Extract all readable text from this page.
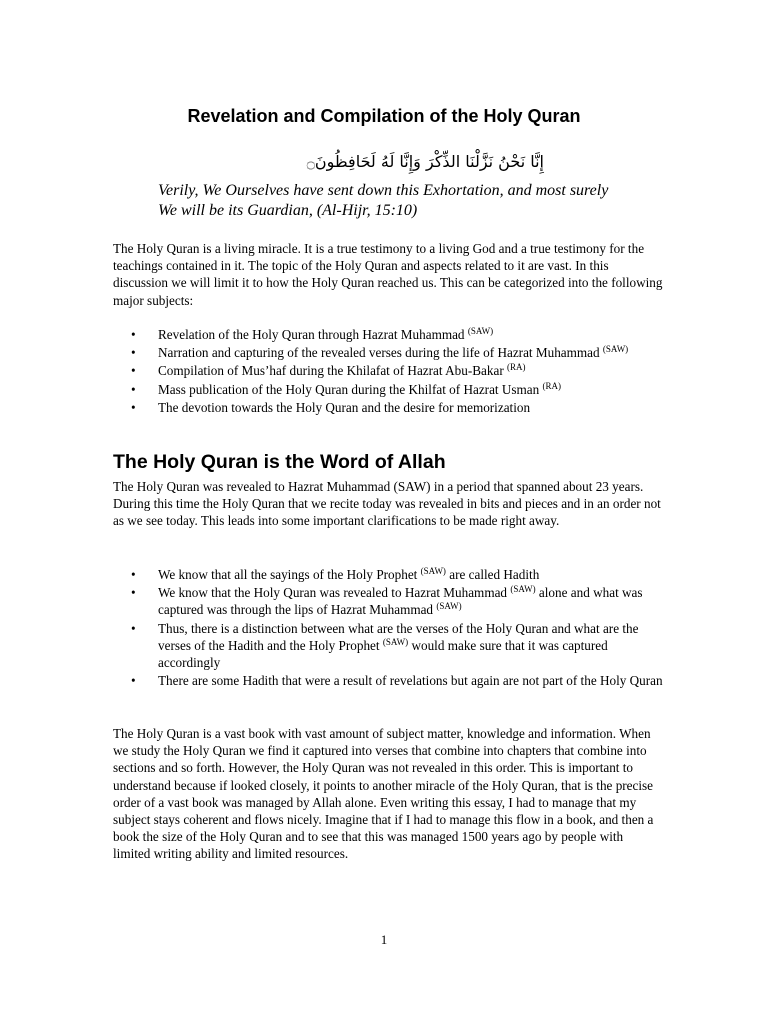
Revelation and Compilation of the Holy Quran
إِنَّا نَحْنُ نَزَّلْنَا الذِّكْرَ وَإِنَّا لَهُ لَحَافِظُونَ۝
Verily, We Ourselves have sent down this Exhortation, and most surely We will be its Guardian, (Al-Hijr, 15:10)
The Holy Quran is a living miracle. It is a true testimony to a living God and a true testimony for the teachings contained in it. The topic of the Holy Quran and aspects related to it are vast. In this discussion we will limit it to how the Holy Quran reached us. This can be categorized into the following major subjects:
• Revelation of the Holy Quran through Hazrat Muhammad $^{(SAW)}$
• Narration and capturing of the revealed verses during the life of Hazrat Muhammad $^{(SAW)}$
• Compilation of Mus’haf during the Khilafat of Hazrat Abu-Bakar $^{(RA)}$
• Mass publication of the Holy Quran during the Khilfat of Hazrat Usman $^{(RA)}$
• The devotion towards the Holy Quran and the desire for memorization
The Holy Quran is the Word of Allah
The Holy Quran was revealed to Hazrat Muhammad (SAW) in a period that spanned about 23 years. During this time the Holy Quran that we recite today was revealed in bits and pieces and in an order not as we see today. This leads into some important clarifications to be made right away.
• We know that all the sayings of the Holy Prophet $^{(SAW)}$ are called Hadith
• We know that the Holy Quran was revealed to Hazrat Muhammad $^{(SAW)}$ alone and what was captured was through the lips of Hazrat Muhammad $^{(SAW)}$
• Thus, there is a distinction between what are the verses of the Holy Quran and what are the verses of the Hadith and the Holy Prophet $^{(SAW)}$ would make sure that it was captured accordingly
• There are some Hadith that were a result of revelations but again are not part of the Holy Quran
The Holy Quran is a vast book with vast amount of subject matter, knowledge and information. When we study the Holy Quran we find it captured into verses that combine into chapters that combine into sections and so forth. However, the Holy Quran was not revealed in this order. This is important to understand because if looked closely, it points to another miracle of the Holy Quran, that is the precise order of a vast book was managed by Allah alone. Even writing this essay, I had to manage that my subject stays coherent and flows nicely. Imagine that if I had to manage this flow in a book, and then a book the size of the Holy Quran and to see that this was managed 1500 years ago by people with limited writing ability and limited resources.
1
